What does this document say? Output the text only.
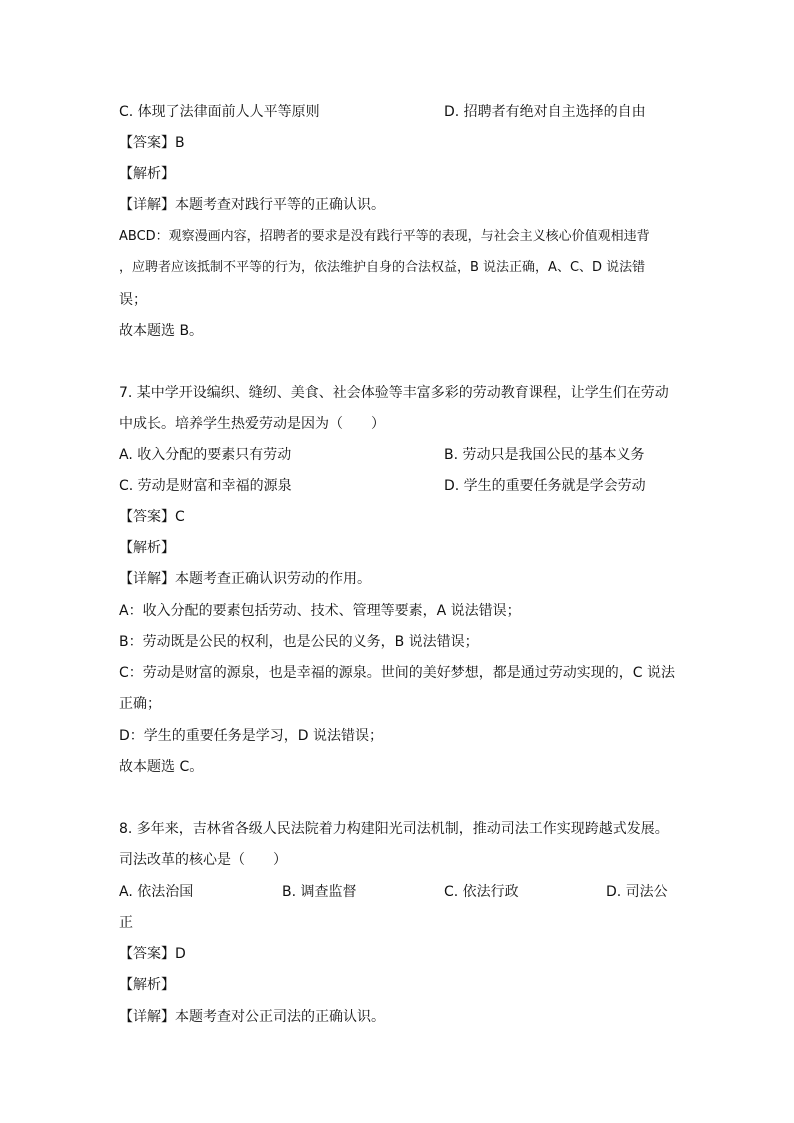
C. 体现了法律面前人人平等原则	D. 招聘者有绝对自主选择的自由
【答案】B
【解析】
【详解】本题考查对践行平等的正确认识。
ABCD：观察漫画内容，招聘者的要求是没有践行平等的表现，与社会主义核心价值观相违背
，应聘者应该抵制不平等的行为，依法维护自身的合法权益，B 说法正确，A、C、D 说法错
误；
故本题选 B。
7. 某中学开设编织、缝纫、美食、社会体验等丰富多彩的劳动教育课程，让学生们在劳动
中成长。培养学生热爱劳动是因为（　　）
A. 收入分配的要素只有劳动	B. 劳动只是我国公民的基本义务
C. 劳动是财富和幸福的源泉	D. 学生的重要任务就是学会劳动
【答案】C
【解析】
【详解】本题考查正确认识劳动的作用。
A：收入分配的要素包括劳动、技术、管理等要素，A 说法错误；
B：劳动既是公民的权利，也是公民的义务，B 说法错误；
C：劳动是财富的源泉，也是幸福的源泉。世间的美好梦想，都是通过劳动实现的，C 说法
正确；
D：学生的重要任务是学习，D 说法错误；
故本题选 C。
8. 多年来，吉林省各级人民法院着力构建阳光司法机制，推动司法工作实现跨越式发展。
司法改革的核心是（　　）
A. 依法治国	B. 调查监督	C. 依法行政	D. 司法公
正
【答案】D
【解析】
【详解】本题考查对公正司法的正确认识。
